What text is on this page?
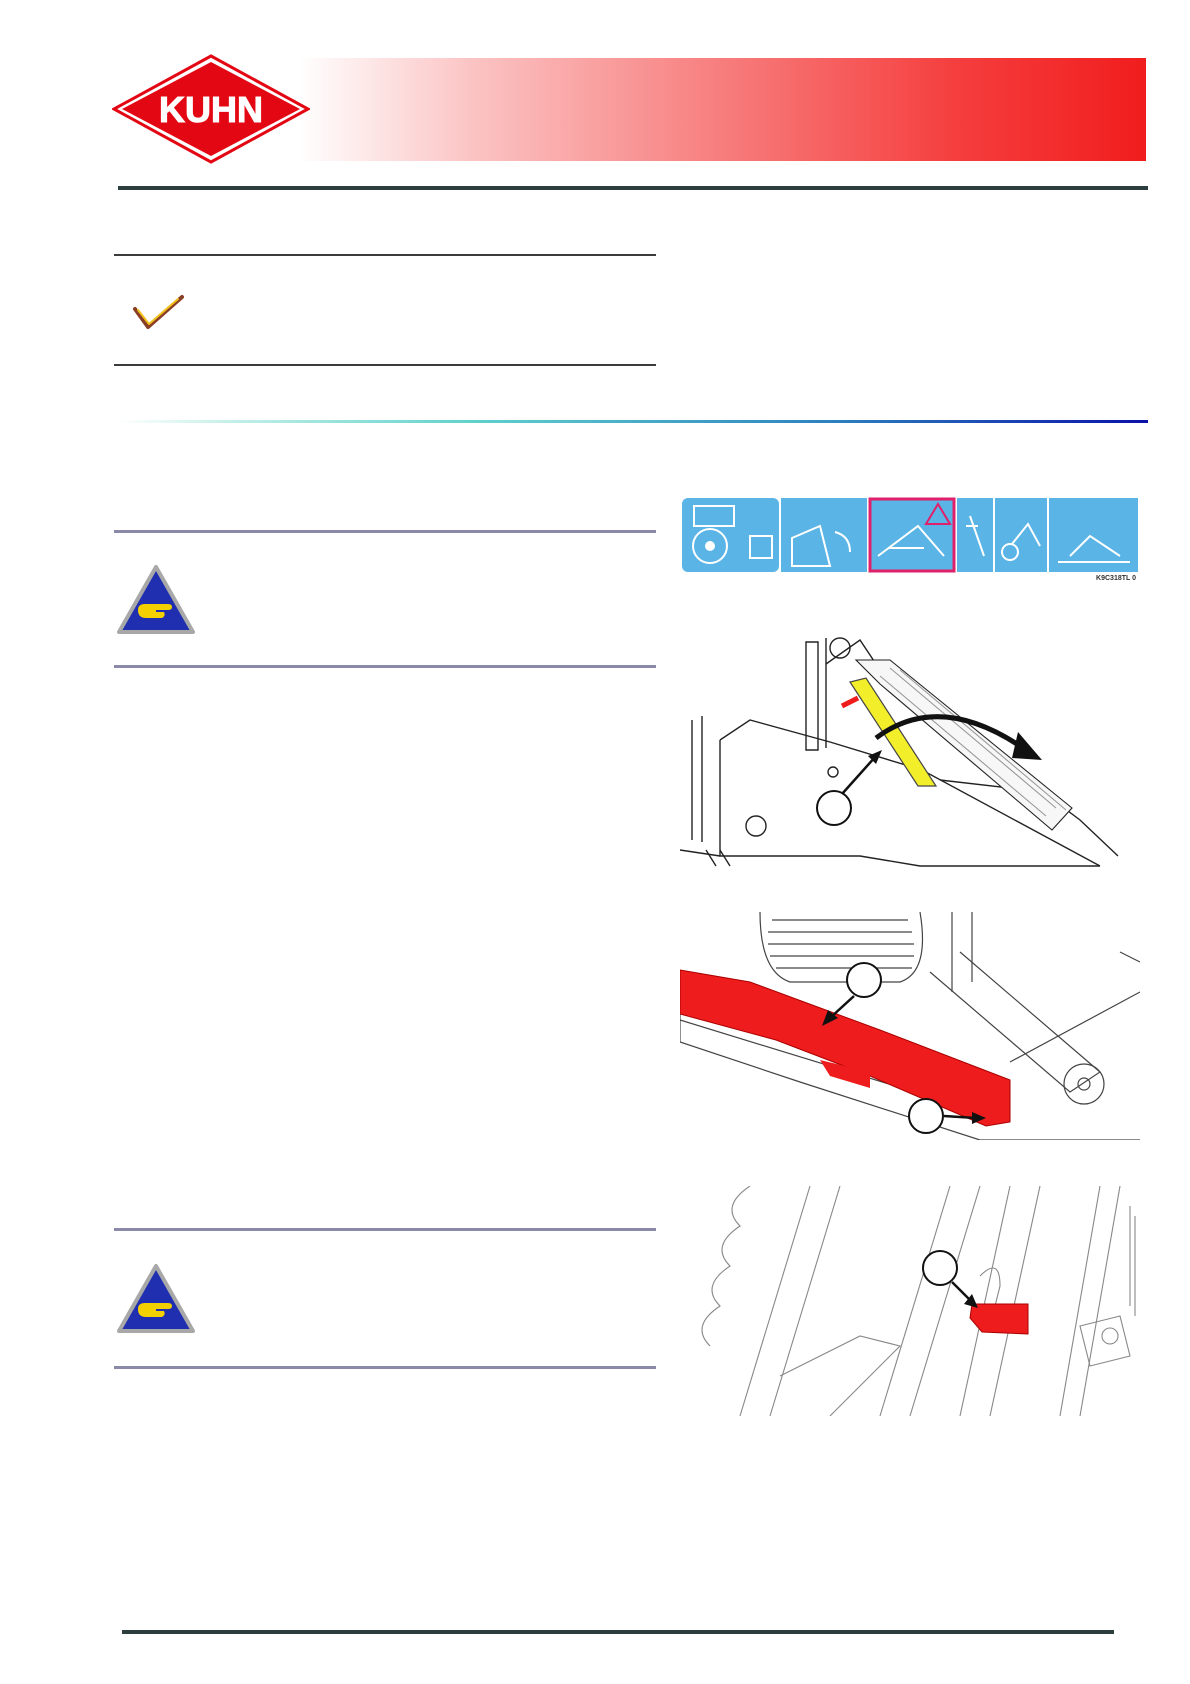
KUHN
K9C318TL 0
